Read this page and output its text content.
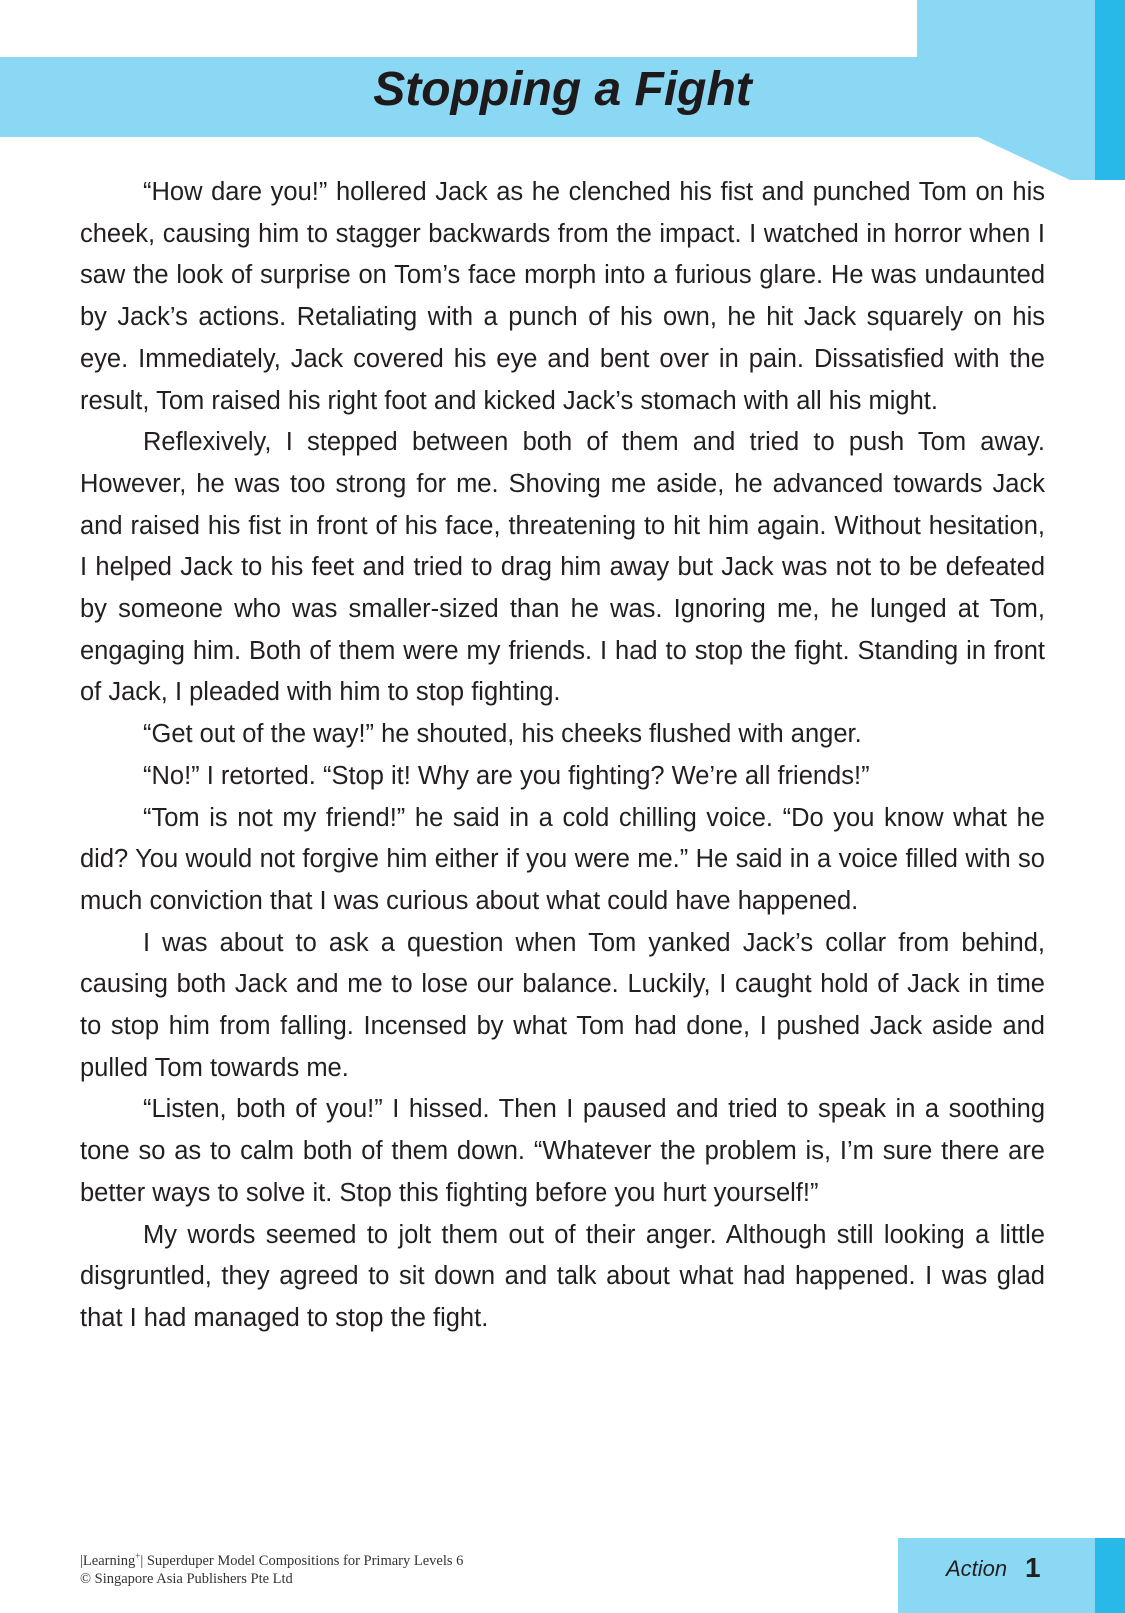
Stopping a Fight

“How dare you!” hollered Jack as he clenched his fist and punched Tom on his cheek, causing him to stagger backwards from the impact. I watched in horror when I saw the look of surprise on Tom’s face morph into a furious glare. He was undaunted by Jack’s actions. Retaliating with a punch of his own, he hit Jack squarely on his eye. Immediately, Jack covered his eye and bent over in pain. Dissatisfied with the result, Tom raised his right foot and kicked Jack’s stomach with all his might.

Reflexively, I stepped between both of them and tried to push Tom away. However, he was too strong for me. Shoving me aside, he advanced towards Jack and raised his fist in front of his face, threatening to hit him again. Without hesitation, I helped Jack to his feet and tried to drag him away but Jack was not to be defeated by someone who was smaller-sized than he was. Ignoring me, he lunged at Tom, engaging him. Both of them were my friends. I had to stop the fight. Standing in front of Jack, I pleaded with him to stop fighting.

“Get out of the way!” he shouted, his cheeks flushed with anger.

“No!” I retorted. “Stop it! Why are you fighting? We’re all friends!”

“Tom is not my friend!” he said in a cold chilling voice. “Do you know what he did? You would not forgive him either if you were me.” He said in a voice filled with so much conviction that I was curious about what could have happened.

I was about to ask a question when Tom yanked Jack’s collar from behind, causing both Jack and me to lose our balance. Luckily, I caught hold of Jack in time to stop him from falling. Incensed by what Tom had done, I pushed Jack aside and pulled Tom towards me.

“Listen, both of you!” I hissed. Then I paused and tried to speak in a soothing tone so as to calm both of them down. “Whatever the problem is, I’m sure there are better ways to solve it. Stop this fighting before you hurt yourself!”

My words seemed to jolt them out of their anger. Although still looking a little disgruntled, they agreed to sit down and talk about what had happened. I was glad that I had managed to stop the fight.

|Learning+| Superduper Model Compositions for Primary Levels 6
© Singapore Asia Publishers Pte Ltd	Action 1
